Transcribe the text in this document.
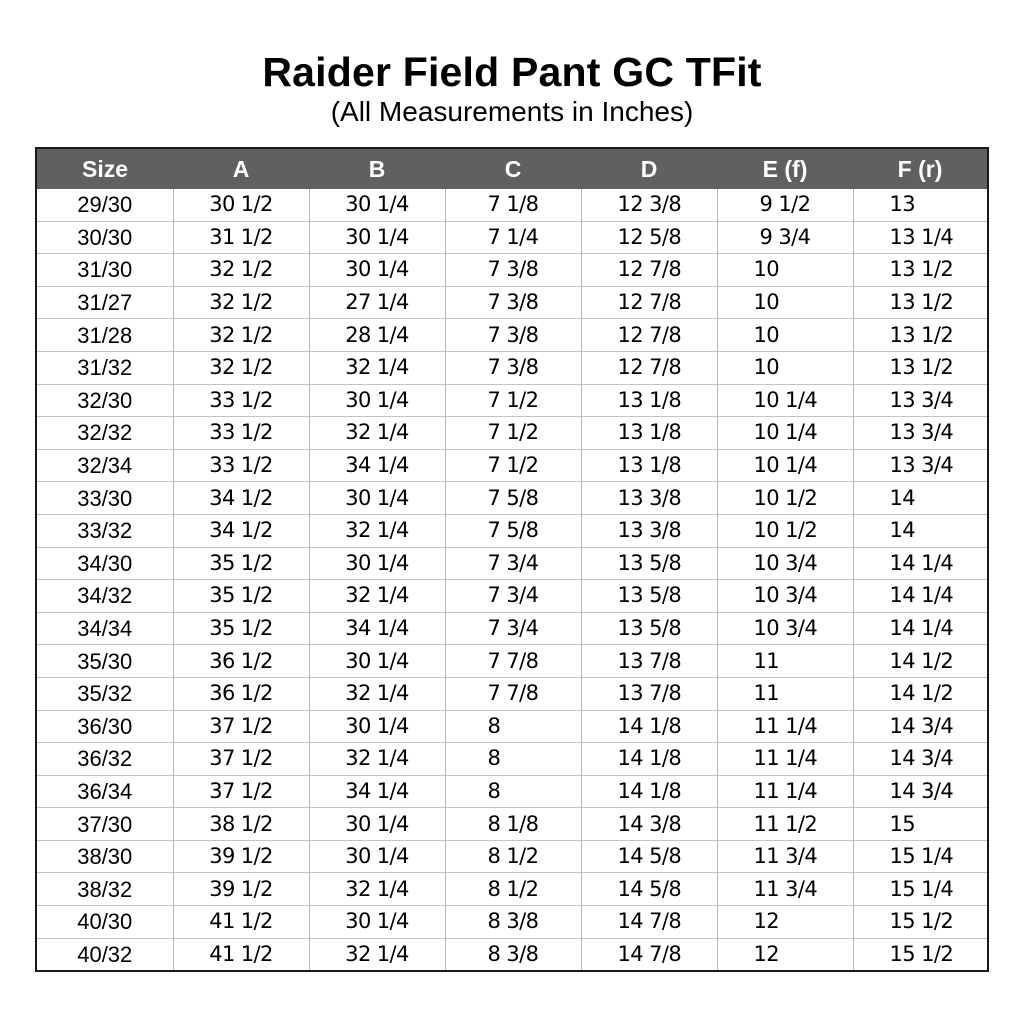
Raider Field Pant GC TFit
(All Measurements in Inches)
Size	A	B	C	D	E (f)	F (r)
29/30	30 1/2	30 1/4	7 1/8	12 3/8	9 1/2	13
30/30	31 1/2	30 1/4	7 1/4	12 5/8	9 3/4	13 1/4
31/30	32 1/2	30 1/4	7 3/8	12 7/8	10	13 1/2
31/27	32 1/2	27 1/4	7 3/8	12 7/8	10	13 1/2
31/28	32 1/2	28 1/4	7 3/8	12 7/8	10	13 1/2
31/32	32 1/2	32 1/4	7 3/8	12 7/8	10	13 1/2
32/30	33 1/2	30 1/4	7 1/2	13 1/8	10 1/4	13 3/4
32/32	33 1/2	32 1/4	7 1/2	13 1/8	10 1/4	13 3/4
32/34	33 1/2	34 1/4	7 1/2	13 1/8	10 1/4	13 3/4
33/30	34 1/2	30 1/4	7 5/8	13 3/8	10 1/2	14
33/32	34 1/2	32 1/4	7 5/8	13 3/8	10 1/2	14
34/30	35 1/2	30 1/4	7 3/4	13 5/8	10 3/4	14 1/4
34/32	35 1/2	32 1/4	7 3/4	13 5/8	10 3/4	14 1/4
34/34	35 1/2	34 1/4	7 3/4	13 5/8	10 3/4	14 1/4
35/30	36 1/2	30 1/4	7 7/8	13 7/8	11	14 1/2
35/32	36 1/2	32 1/4	7 7/8	13 7/8	11	14 1/2
36/30	37 1/2	30 1/4	8	14 1/8	11 1/4	14 3/4
36/32	37 1/2	32 1/4	8	14 1/8	11 1/4	14 3/4
36/34	37 1/2	34 1/4	8	14 1/8	11 1/4	14 3/4
37/30	38 1/2	30 1/4	8 1/8	14 3/8	11 1/2	15
38/30	39 1/2	30 1/4	8 1/2	14 5/8	11 3/4	15 1/4
38/32	39 1/2	32 1/4	8 1/2	14 5/8	11 3/4	15 1/4
40/30	41 1/2	30 1/4	8 3/8	14 7/8	12	15 1/2
40/32	41 1/2	32 1/4	8 3/8	14 7/8	12	15 1/2
